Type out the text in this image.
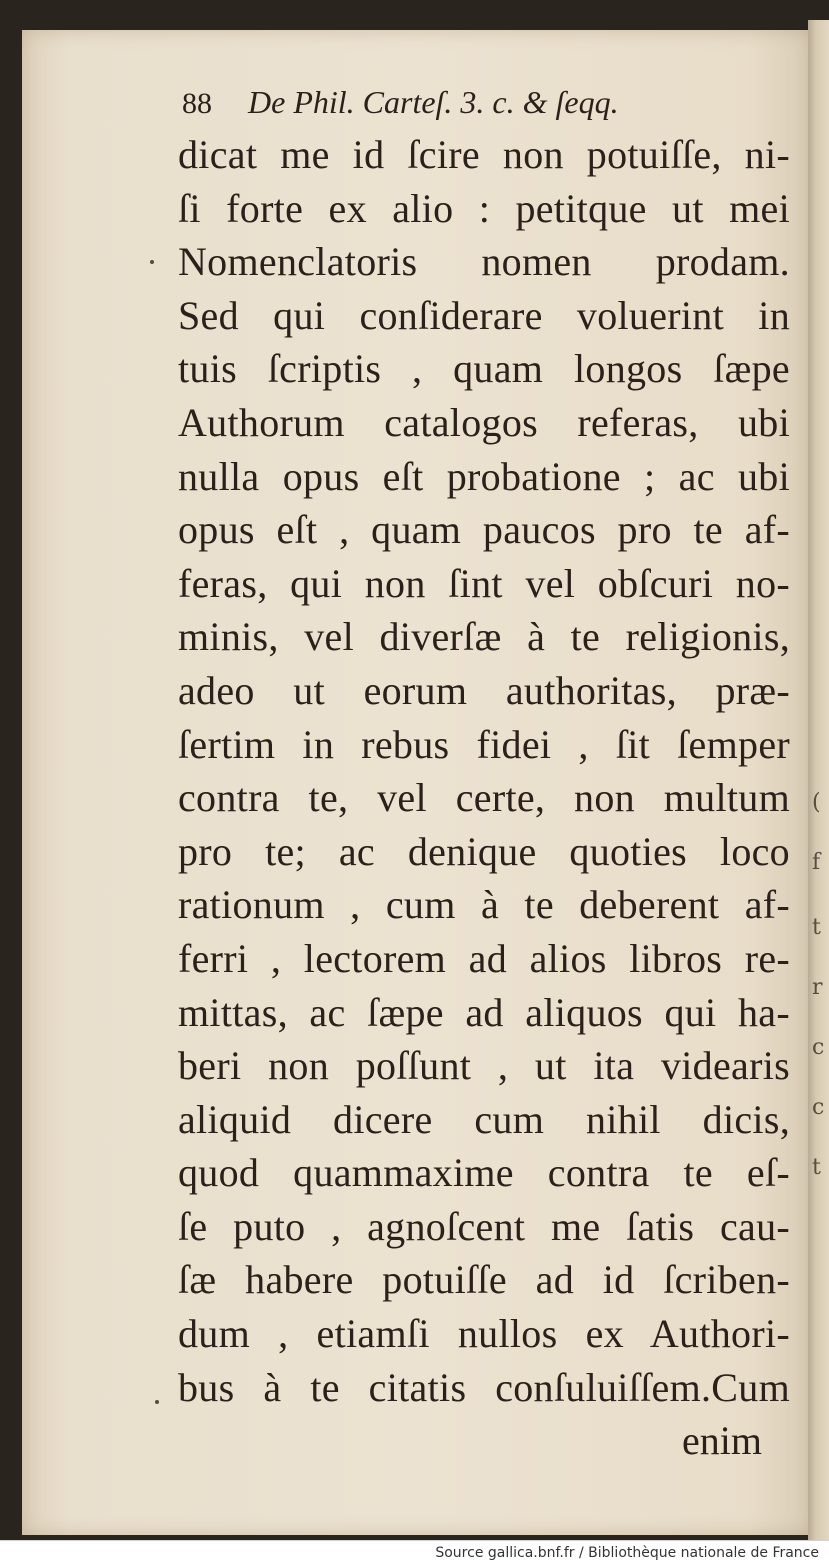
(
f
t
r
c
c
t
88 De Phil. Carteſ. 3. c. & ſeqq.
dicat me id ſcire non potuiſſe, ni-
ſi forte ex alio : petitque ut mei
Nomenclatoris nomen prodam.
Sed qui conſiderare voluerint in
tuis ſcriptis , quam longos ſæpe
Authorum catalogos referas, ubi
nulla opus eſt probatione ; ac ubi
opus eſt , quam paucos pro te af-
feras, qui non ſint vel obſcuri no-
minis, vel diverſæ à te religionis,
adeo ut eorum authoritas, præ-
ſertim in rebus fidei , ſit ſemper
contra te, vel certe, non multum
pro te; ac denique quoties loco
rationum , cum à te deberent af-
ferri , lectorem ad alios libros re-
mittas, ac ſæpe ad aliquos qui ha-
beri non poſſunt , ut ita videaris
aliquid dicere cum nihil dicis,
quod quammaxime contra te eſ-
ſe puto , agnoſcent me ſatis cau-
ſæ habere potuiſſe ad id ſcriben-
dum , etiamſi nullos ex Authori-
bus à te citatis conſuluiſſem.Cum
enim
Source gallica.bnf.fr / Bibliothèque nationale de France
